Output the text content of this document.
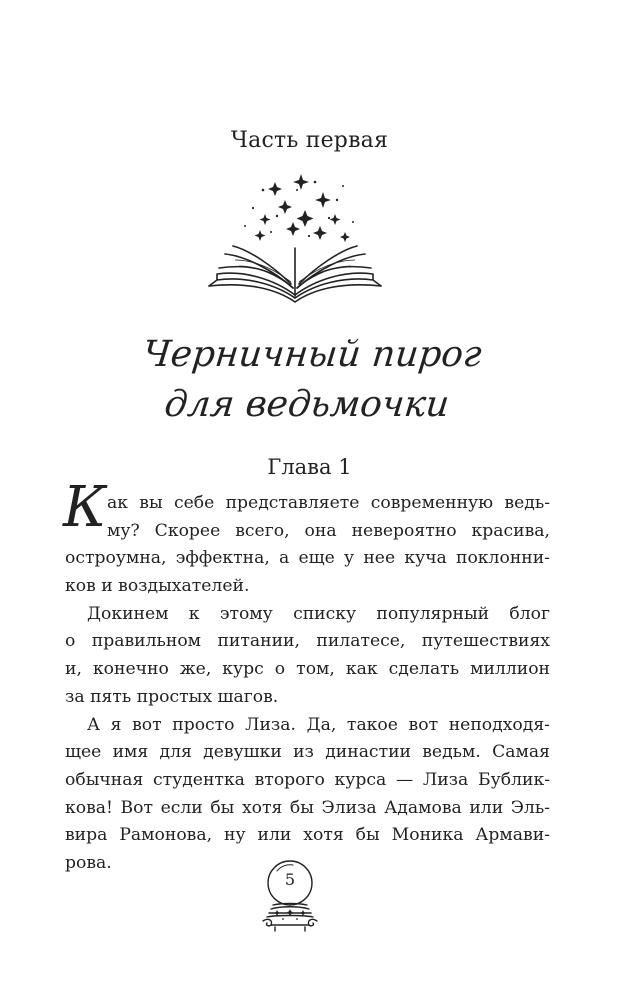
Часть первая
Черничный пирог
для ведьмочки
Глава 1
К ак вы себе представляете современную ведь-
му? Скорее всего, она невероятно красива,
остроумна, эффектна, а еще у нее куча поклонни-
ков и воздыхателей.
Докинем к этому списку популярный блог
о правильном питании, пилатесе, путешествиях
и, конечно же, курс о том, как сделать миллион
за пять простых шагов.
А я вот просто Лиза. Да, такое вот неподходя-
щее имя для девушки из династии ведьм. Самая
обычная студентка второго курса — Лиза Бублик-
кова! Вот если бы хотя бы Элиза Адамова или Эль-
вира Рамонова, ну или хотя бы Моника Армави-
рова.
5
